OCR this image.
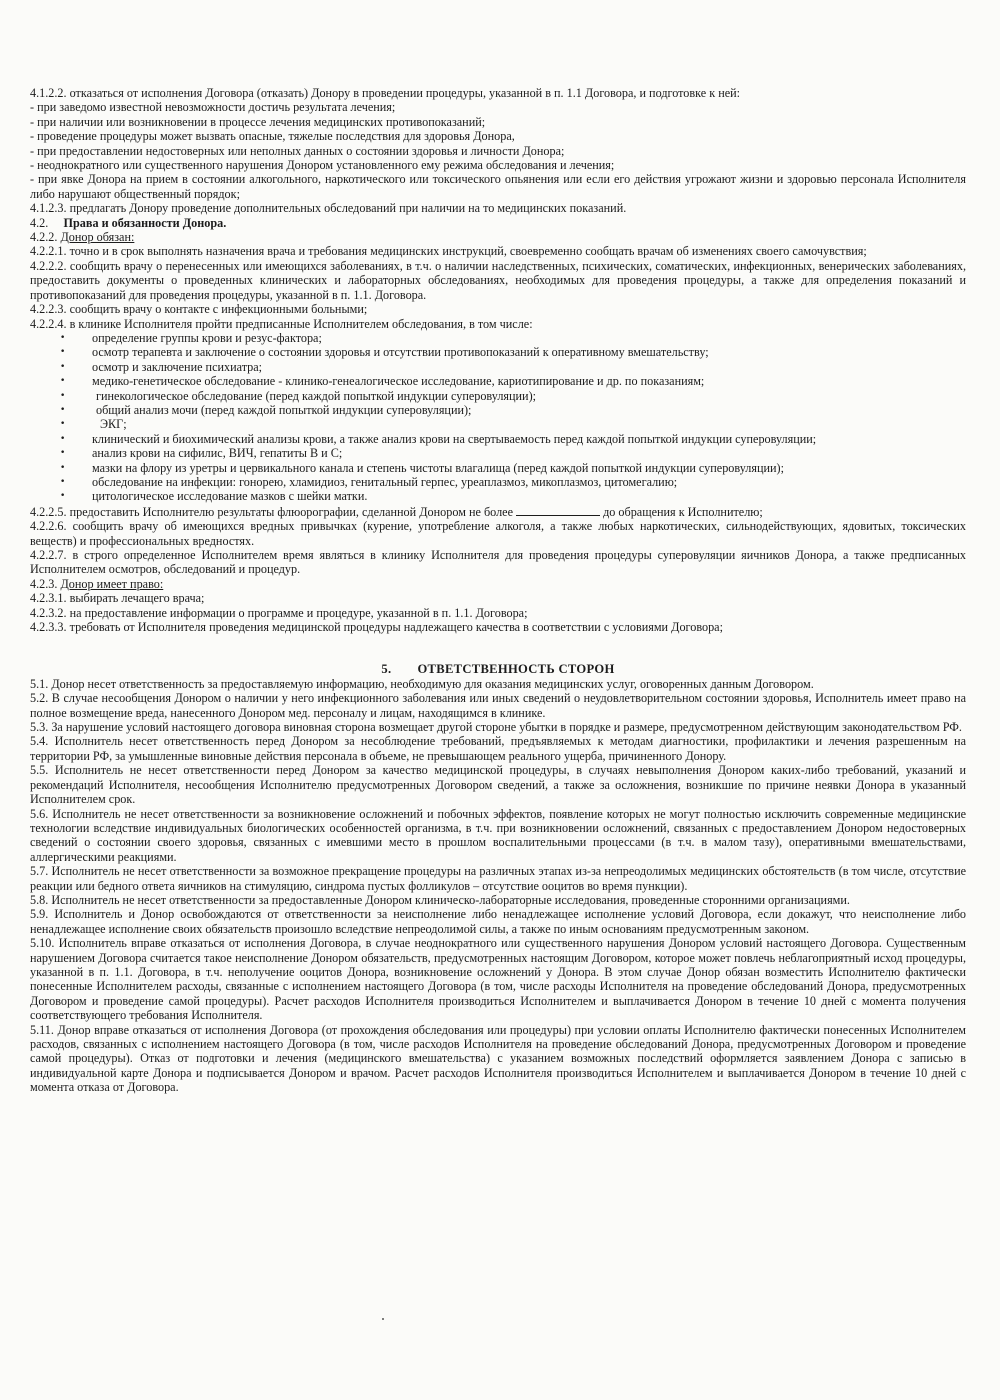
4.1.2.2. отказаться от исполнения Договора (отказать) Донору в проведении процедуры, указанной в п. 1.1 Договора, и подготовке к ней:

- при заведомо известной невозможности достичь результата лечения;

- при наличии или возникновении в процессе лечения медицинских противопоказаний;

- проведение процедуры может вызвать опасные, тяжелые последствия для здоровья Донора,

- при предоставлении недостоверных или неполных данных о состоянии здоровья и личности Донора;

- неоднократного или существенного нарушения Донором установленного ему режима обследования и лечения;

- при явке Донора на прием в состоянии алкогольного, наркотического или токсического опьянения или если его действия угрожают жизни и здоровью персонала Исполнителя либо нарушают общественный порядок;

4.1.2.3. предлагать Донору проведение дополнительных обследований при наличии на то медицинских показаний.

4.2. Права и обязанности Донора.

4.2.2. Донор обязан:

4.2.2.1. точно и в срок выполнять назначения врача и требования медицинских инструкций, своевременно сообщать врачам об изменениях своего самочувствия;

4.2.2.2. сообщить врачу о перенесенных или имеющихся заболеваниях, в т.ч. о наличии наследственных, психических, соматических, инфекционных, венерических заболеваниях, предоставить документы о проведенных клинических и лабораторных обследованиях, необходимых для проведения процедуры, а также для определения показаний и противопоказаний для проведения процедуры, указанной в п. 1.1. Договора.

4.2.2.3. сообщить врачу о контакте с инфекционными больными;

4.2.2.4. в клинике Исполнителя пройти предписанные Исполнителем обследования, в том числе:

• определение группы крови и резус-фактора;

• осмотр терапевта и заключение о состоянии здоровья и отсутствии противопоказаний к оперативному вмешательству;

• осмотр и заключение психиатра;

• медико-генетическое обследование - клинико-генеалогическое исследование, кариотипирование и др. по показаниям;

• гинекологическое обследование (перед каждой попыткой индукции суперовуляции);

• общий анализ мочи (перед каждой попыткой индукции суперовуляции);

• ЭКГ;

• клинический и биохимический анализы крови, а также анализ крови на свертываемость перед каждой попыткой индукции суперовуляции;

• анализ крови на сифилис, ВИЧ, гепатиты В и С;

• мазки на флору из уретры и цервикального канала и степень чистоты влагалища (перед каждой попыткой индукции суперовуляции);

• обследование на инфекции: гонорею, хламидиоз, генитальный герпес, уреаплазмоз, микоплазмоз, цитомегалию;

• цитологическое исследование мазков с шейки матки.

4.2.2.5. предоставить Исполнителю результаты флюорографии, сделанной Донором не более	до обращения к Исполнителю;

4.2.2.6. сообщить врачу об имеющихся вредных привычках (курение, употребление алкоголя, а также любых наркотических, сильнодействующих, ядовитых, токсических веществ) и профессиональных вредностях.

4.2.2.7. в строго определенное Исполнителем время являться в клинику Исполнителя для проведения процедуры суперовуляции яичников Донора, а также предписанных Исполнителем осмотров, обследований и процедур.

4.2.3. Донор имеет право:

4.2.3.1. выбирать лечащего врача;

4.2.3.2. на предоставление информации о программе и процедуре, указанной в п. 1.1. Договора;

4.2.3.3. требовать от Исполнителя проведения медицинской процедуры надлежащего качества в соответствии с условиями Договора;

5. ОТВЕТСТВЕННОСТЬ СТОРОН

5.1. Донор несет ответственность за предоставляемую информацию, необходимую для оказания медицинских услуг, оговоренных данным Договором.

5.2. В случае несообщения Донором о наличии у него инфекционного заболевания или иных сведений о неудовлетворительном состоянии здоровья, Исполнитель имеет право на полное возмещение вреда, нанесенного Донором мед. персоналу и лицам, находящимся в клинике.

5.3. За нарушение условий настоящего договора виновная сторона возмещает другой стороне убытки в порядке и размере, предусмотренном действующим законодательством РФ.

5.4. Исполнитель несет ответственность перед Донором за несоблюдение требований, предъявляемых к методам диагностики, профилактики и лечения разрешенным на территории РФ, за умышленные виновные действия персонала в объеме, не превышающем реального ущерба, причиненного Донору.

5.5. Исполнитель не несет ответственности перед Донором за качество медицинской процедуры, в случаях невыполнения Донором каких-либо требований, указаний и рекомендаций Исполнителя, несообщения Исполнителю предусмотренных Договором сведений, а также за осложнения, возникшие по причине неявки Донора в указанный Исполнителем срок.

5.6. Исполнитель не несет ответственности за возникновение осложнений и побочных эффектов, появление которых не могут полностью исключить современные медицинские технологии вследствие индивидуальных биологических особенностей организма, в т.ч. при возникновении осложнений, связанных с предоставлением Донором недостоверных сведений о состоянии своего здоровья, связанных с имевшими место в прошлом воспалительными процессами (в т.ч. в малом тазу), оперативными вмешательствами, аллергическими реакциями.

5.7. Исполнитель не несет ответственности за возможное прекращение процедуры на различных этапах из-за непреодолимых медицинских обстоятельств (в том числе, отсутствие реакции или бедного ответа яичников на стимуляцию, синдрома пустых фолликулов – отсутствие ооцитов во время пункции).

5.8. Исполнитель не несет ответственности за предоставленные Донором клиническо-лабораторные исследования, проведенные сторонними организациями.

5.9. Исполнитель и Донор освобождаются от ответственности за неисполнение либо ненадлежащее исполнение условий Договора, если докажут, что неисполнение либо ненадлежащее исполнение своих обязательств произошло вследствие непреодолимой силы, а также по иным основаниям предусмотренным законом.

5.10. Исполнитель вправе отказаться от исполнения Договора, в случае неоднократного или существенного нарушения Донором условий настоящего Договора. Существенным нарушением Договора считается такое неисполнение Донором обязательств, предусмотренных настоящим Договором, которое может повлечь неблагоприятный исход процедуры, указанной в п. 1.1. Договора, в т.ч. неполучение ооцитов Донора, возникновение осложнений у Донора. В этом случае Донор обязан возместить Исполнителю фактически понесенные Исполнителем расходы, связанные с исполнением настоящего Договора (в том, числе расходы Исполнителя на проведение обследований Донора, предусмотренных Договором и проведение самой процедуры). Расчет расходов Исполнителя производиться Исполнителем и выплачивается Донором в течение 10 дней с момента получения соответствующего требования Исполнителя.

5.11. Донор вправе отказаться от исполнения Договора (от прохождения обследования или процедуры) при условии оплаты Исполнителю фактически понесенных Исполнителем расходов, связанных с исполнением настоящего Договора (в том, числе расходов Исполнителя на проведение обследований Донора, предусмотренных Договором и проведение самой процедуры). Отказ от подготовки и лечения (медицинского вмешательства) с указанием возможных последствий оформляется заявлением Донора с записью в индивидуальной карте Донора и подписывается Донором и врачом. Расчет расходов Исполнителя производиться Исполнителем и выплачивается Донором в течение 10 дней с момента отказа от Договора.
